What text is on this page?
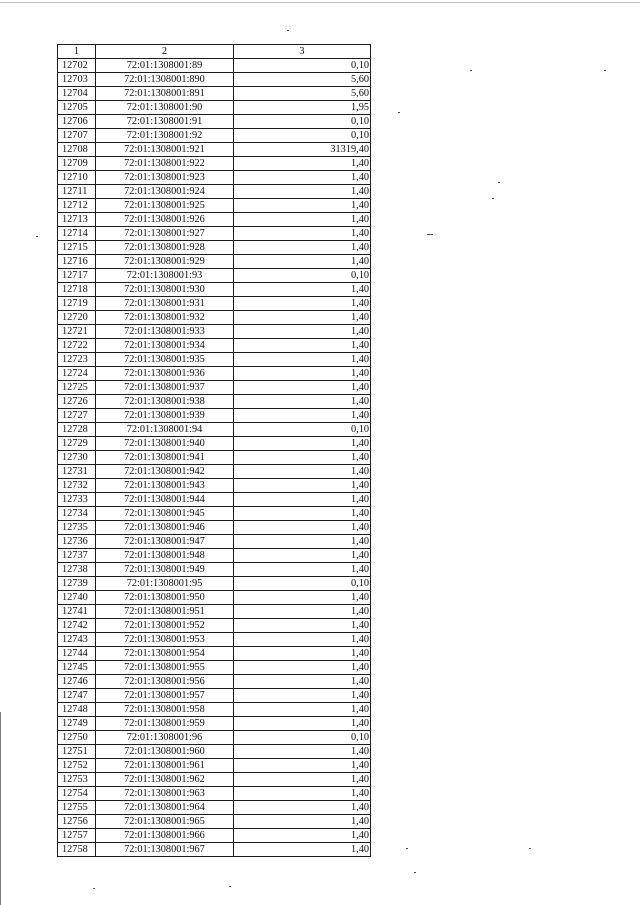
1	2	3
12702	72:01:1308001:89	0,10
12703	72:01:1308001:890	5,60
12704	72:01:1308001:891	5,60
12705	72:01:1308001:90	1,95
12706	72:01:1308001:91	0,10
12707	72:01:1308001:92	0,10
12708	72:01:1308001:921	31319,40
12709	72:01:1308001:922	1,40
12710	72:01:1308001:923	1,40
12711	72:01:1308001:924	1,40
12712	72:01:1308001:925	1,40
12713	72:01:1308001:926	1,40
12714	72:01:1308001:927	1,40
12715	72:01:1308001:928	1,40
12716	72:01:1308001:929	1,40
12717	72:01:1308001:93	0,10
12718	72:01:1308001:930	1,40
12719	72:01:1308001:931	1,40
12720	72:01:1308001:932	1,40
12721	72:01:1308001:933	1,40
12722	72:01:1308001:934	1,40
12723	72:01:1308001:935	1,40
12724	72:01:1308001:936	1,40
12725	72:01:1308001:937	1,40
12726	72:01:1308001:938	1,40
12727	72:01:1308001:939	1,40
12728	72:01:1308001:94	0,10
12729	72:01:1308001:940	1,40
12730	72:01:1308001:941	1,40
12731	72:01:1308001:942	1,40
12732	72:01:1308001:943	1,40
12733	72:01:1308001:944	1,40
12734	72:01:1308001:945	1,40
12735	72:01:1308001:946	1,40
12736	72:01:1308001:947	1,40
12737	72:01:1308001:948	1,40
12738	72:01:1308001:949	1,40
12739	72:01:1308001:95	0,10
12740	72:01:1308001:950	1,40
12741	72:01:1308001:951	1,40
12742	72:01:1308001:952	1,40
12743	72:01:1308001:953	1,40
12744	72:01:1308001:954	1,40
12745	72:01:1308001:955	1,40
12746	72:01:1308001:956	1,40
12747	72:01:1308001:957	1,40
12748	72:01:1308001:958	1,40
12749	72:01:1308001:959	1,40
12750	72:01:1308001:96	0,10
12751	72:01:1308001:960	1,40
12752	72:01:1308001:961	1,40
12753	72:01:1308001:962	1,40
12754	72:01:1308001:963	1,40
12755	72:01:1308001:964	1,40
12756	72:01:1308001:965	1,40
12757	72:01:1308001:966	1,40
12758	72:01:1308001:967	1,40
